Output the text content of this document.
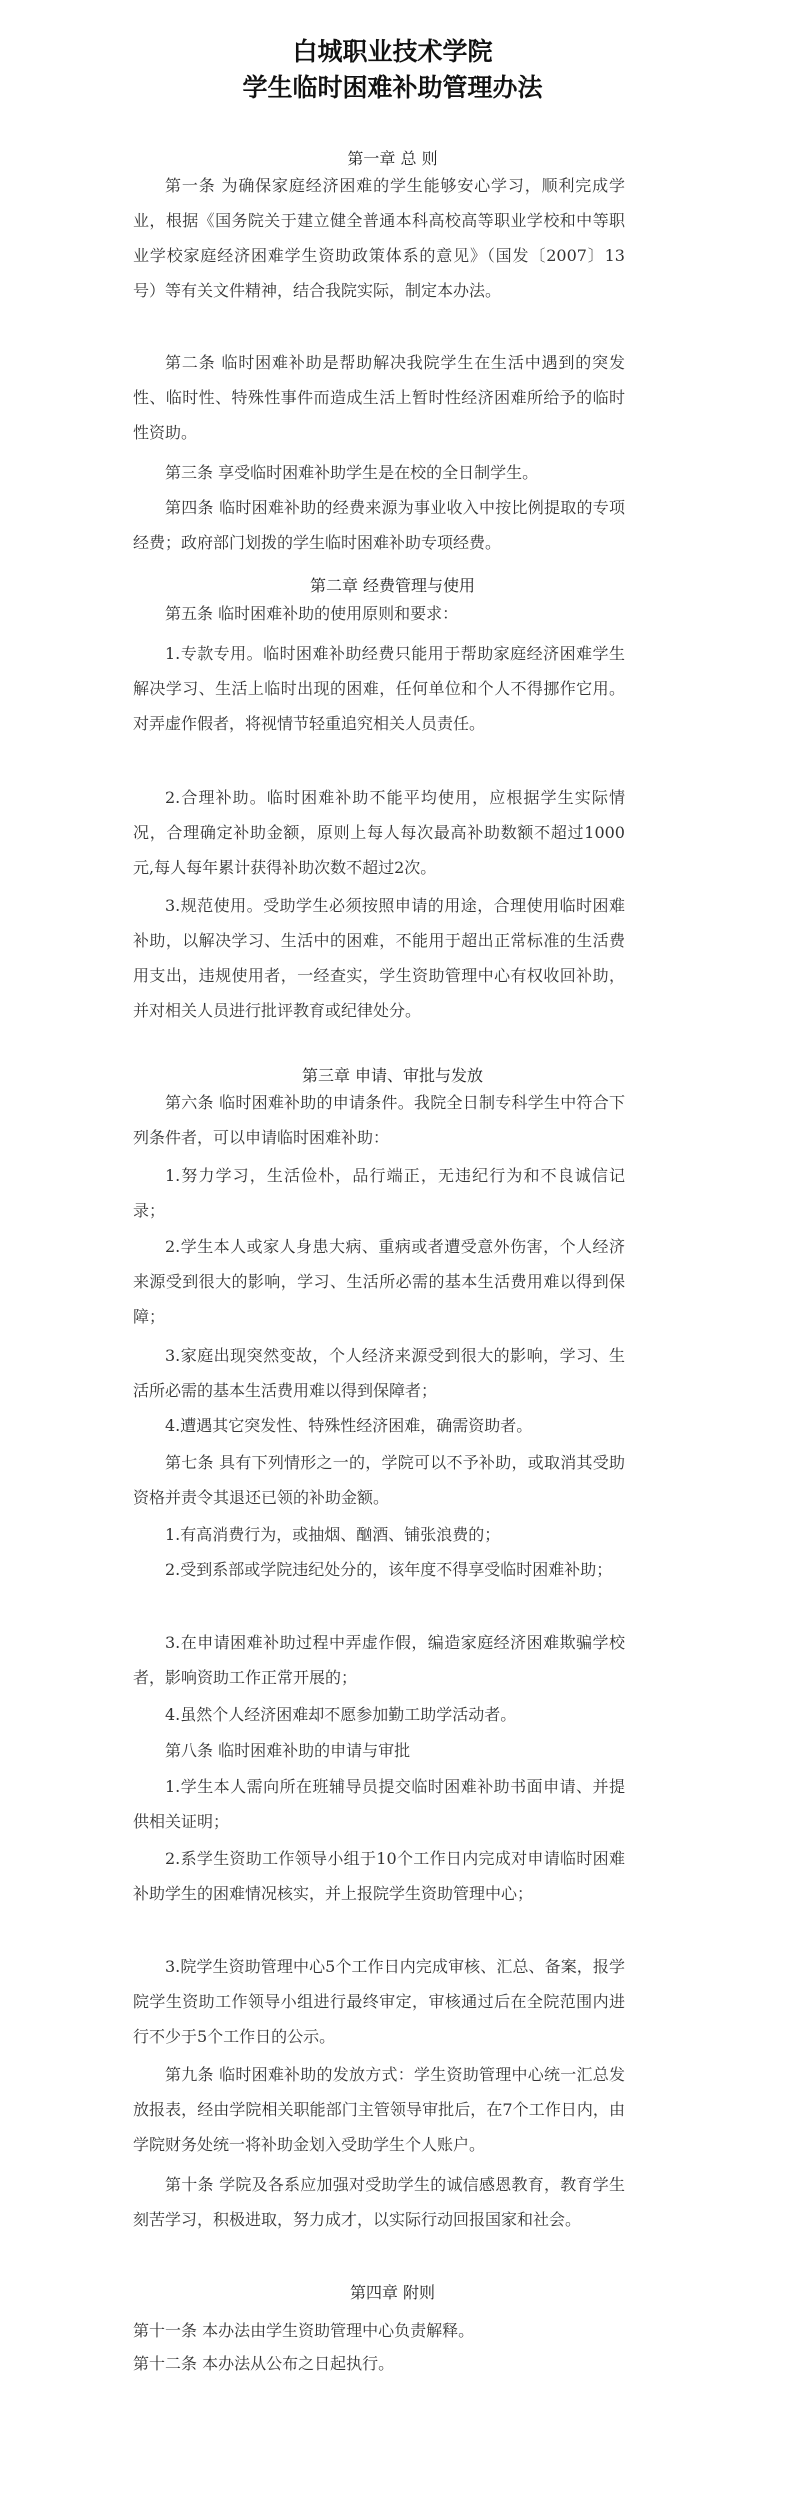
白城职业技术学院
学生临时困难补助管理办法
第一章 总 则
第一条 为确保家庭经济困难的学生能够安心学习，顺利完成学业，根据《国务院关于建立健全普通本科高校高等职业学校和中等职业学校家庭经济困难学生资助政策体系的意见》（国发〔2007〕13号）等有关文件精神，结合我院实际，制定本办法。
第二条 临时困难补助是帮助解决我院学生在生活中遇到的突发性、临时性、特殊性事件而造成生活上暂时性经济困难所给予的临时性资助。
第三条 享受临时困难补助学生是在校的全日制学生。
第四条 临时困难补助的经费来源为事业收入中按比例提取的专项经费；政府部门划拨的学生临时困难补助专项经费。
第二章 经费管理与使用
第五条 临时困难补助的使用原则和要求：
1.专款专用。临时困难补助经费只能用于帮助家庭经济困难学生解决学习、生活上临时出现的困难，任何单位和个人不得挪作它用。对弄虚作假者，将视情节轻重追究相关人员责任。
2.合理补助。临时困难补助不能平均使用，应根据学生实际情况，合理确定补助金额，原则上每人每次最高补助数额不超过1000元,每人每年累计获得补助次数不超过2次。
3.规范使用。受助学生必须按照申请的用途，合理使用临时困难补助，以解决学习、生活中的困难，不能用于超出正常标准的生活费用支出，违规使用者，一经查实，学生资助管理中心有权收回补助，并对相关人员进行批评教育或纪律处分。
第三章 申请、审批与发放
第六条 临时困难补助的申请条件。我院全日制专科学生中符合下列条件者，可以申请临时困难补助：
1.努力学习，生活俭朴，品行端正，无违纪行为和不良诚信记录；
2.学生本人或家人身患大病、重病或者遭受意外伤害，个人经济来源受到很大的影响，学习、生活所必需的基本生活费用难以得到保障；
3.家庭出现突然变故，个人经济来源受到很大的影响，学习、生活所必需的基本生活费用难以得到保障者；
4.遭遇其它突发性、特殊性经济困难，确需资助者。
第七条 具有下列情形之一的，学院可以不予补助，或取消其受助资格并责令其退还已领的补助金额。
1.有高消费行为，或抽烟、酗酒、铺张浪费的；
2.受到系部或学院违纪处分的，该年度不得享受临时困难补助；
3.在申请困难补助过程中弄虚作假，编造家庭经济困难欺骗学校者，影响资助工作正常开展的；
4.虽然个人经济困难却不愿参加勤工助学活动者。
第八条 临时困难补助的申请与审批
1.学生本人需向所在班辅导员提交临时困难补助书面申请、并提供相关证明；
2.系学生资助工作领导小组于10个工作日内完成对申请临时困难补助学生的困难情况核实，并上报院学生资助管理中心；
3.院学生资助管理中心5个工作日内完成审核、汇总、备案，报学院学生资助工作领导小组进行最终审定，审核通过后在全院范围内进行不少于5个工作日的公示。
第九条 临时困难补助的发放方式：学生资助管理中心统一汇总发放报表，经由学院相关职能部门主管领导审批后，在7个工作日内，由学院财务处统一将补助金划入受助学生个人账户。
第十条 学院及各系应加强对受助学生的诚信感恩教育，教育学生刻苦学习，积极进取，努力成才，以实际行动回报国家和社会。
第四章 附则
第十一条 本办法由学生资助管理中心负责解释。
第十二条 本办法从公布之日起执行。
